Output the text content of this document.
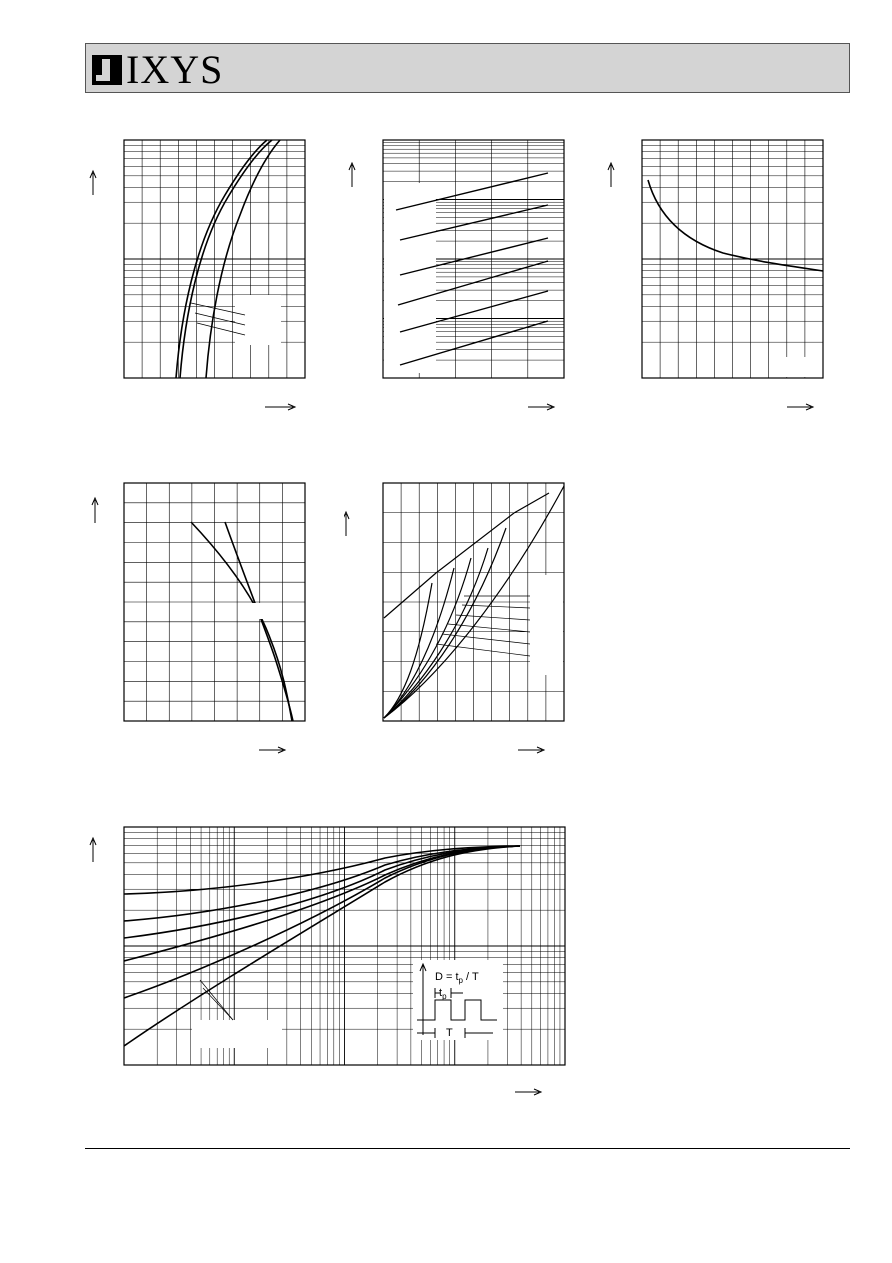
IXYS
$D = t_p / T$
$t_p$
T
